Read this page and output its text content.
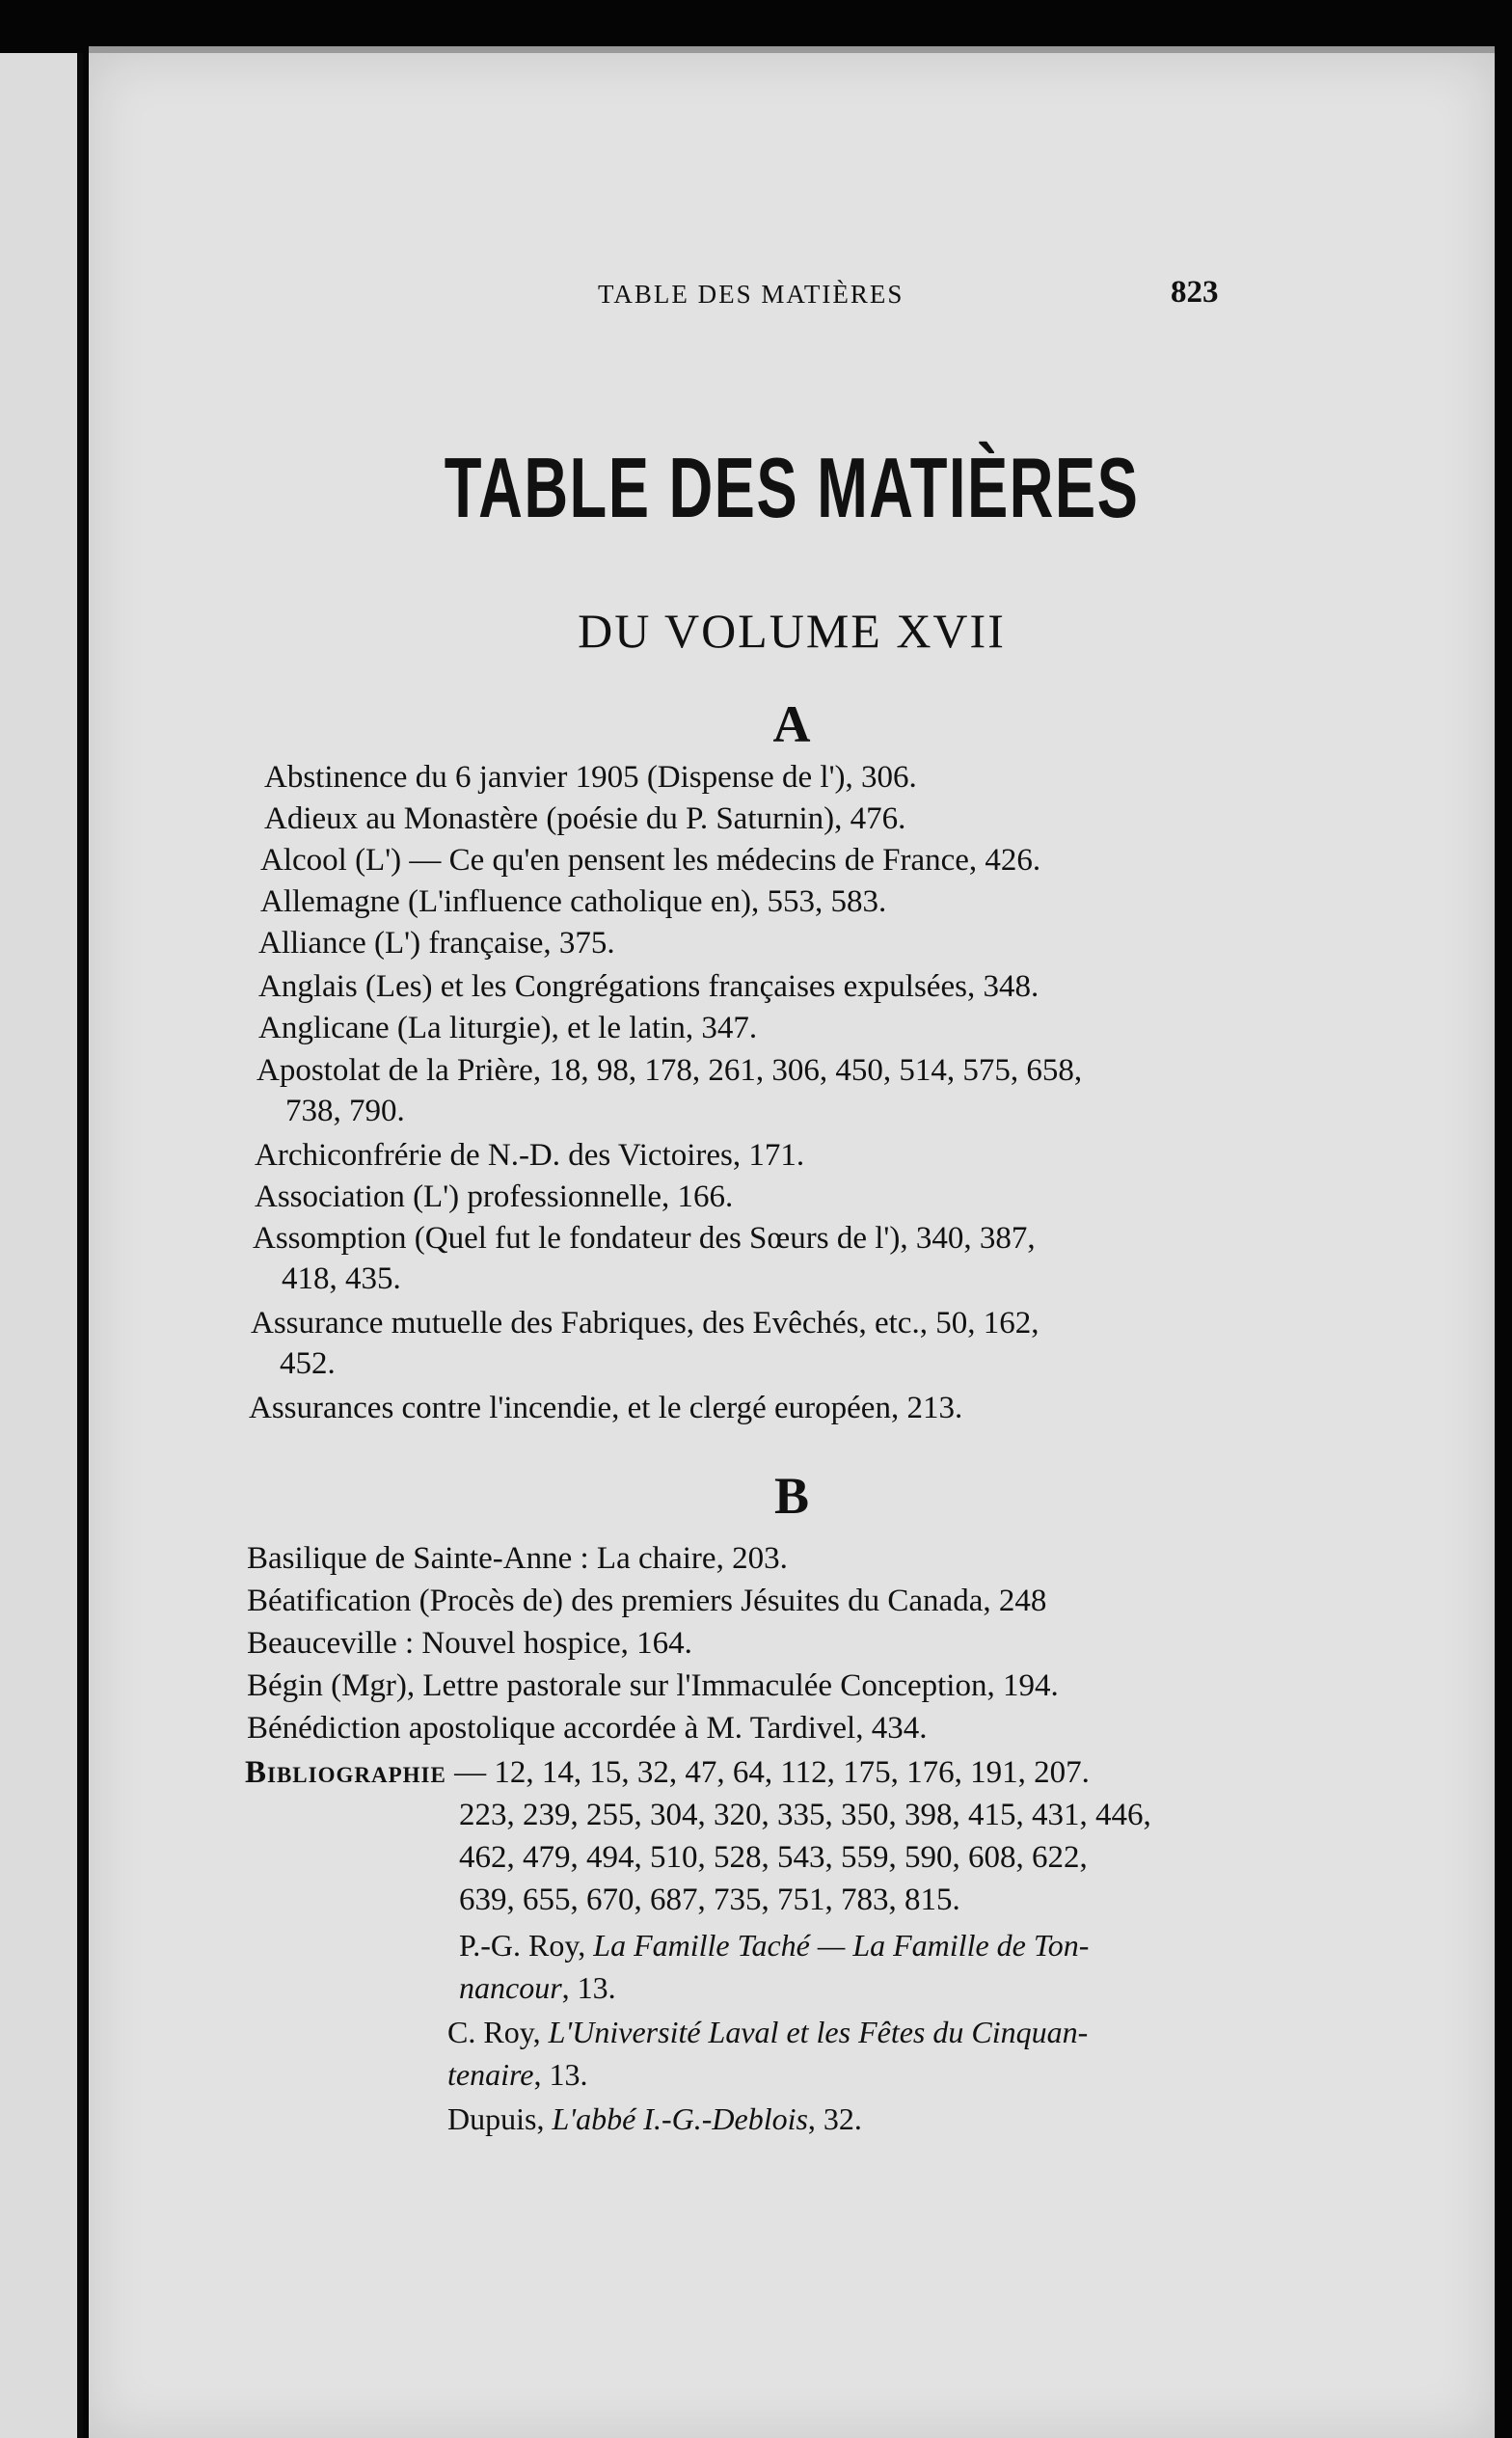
TABLE DES MATIÈRES	823
TABLE DES MATIÈRES
DU VOLUME XVII
A
Abstinence du 6 janvier 1905 (Dispense de l'), 306.
Adieux au Monastère (poésie du P. Saturnin), 476.
Alcool (L') — Ce qu'en pensent les médecins de France, 426.
Allemagne (L'influence catholique en), 553, 583.
Alliance (L') française, 375.
Anglais (Les) et les Congrégations françaises expulsées, 348.
Anglicane (La liturgie), et le latin, 347.
Apostolat de la Prière, 18, 98, 178, 261, 306, 450, 514, 575, 658,
738, 790.
Archiconfrérie de N.-D. des Victoires, 171.
Association (L') professionnelle, 166.
Assomption (Quel fut le fondateur des Sœurs de l'), 340, 387,
418, 435.
Assurance mutuelle des Fabriques, des Evêchés, etc., 50, 162,
452.
Assurances contre l'incendie, et le clergé européen, 213.
B
Basilique de Sainte-Anne : La chaire, 203.
Béatification (Procès de) des premiers Jésuites du Canada, 248
Beauceville : Nouvel hospice, 164.
Bégin (Mgr), Lettre pastorale sur l'Immaculée Conception, 194.
Bénédiction apostolique accordée à M. Tardivel, 434.
Bibliographie — 12, 14, 15, 32, 47, 64, 112, 175, 176, 191, 207.
223, 239, 255, 304, 320, 335, 350, 398, 415, 431, 446,
462, 479, 494, 510, 528, 543, 559, 590, 608, 622,
639, 655, 670, 687, 735, 751, 783, 815.
P.-G. Roy, La Famille Taché — La Famille de Ton-
nancour, 13.
C. Roy, L'Université Laval et les Fêtes du Cinquan-
tenaire, 13.
Dupuis, L'abbé I.-G.-Deblois, 32.
